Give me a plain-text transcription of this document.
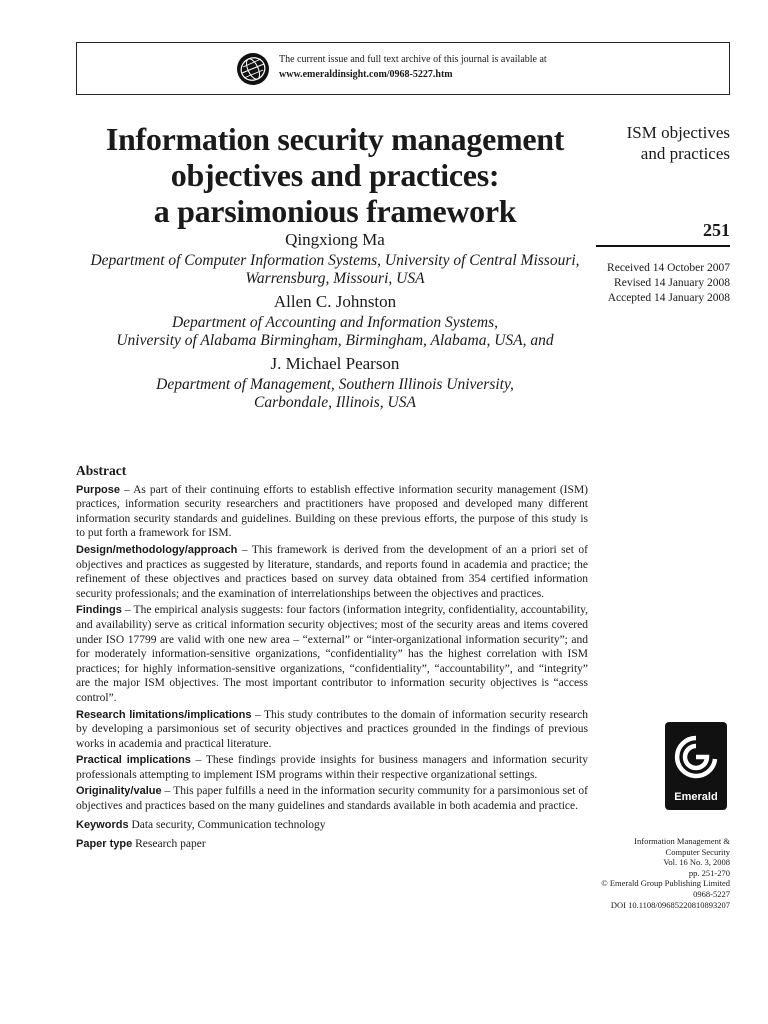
The current issue and full text archive of this journal is available at
www.emeraldinsight.com/0968-5227.htm
Information security management
objectives and practices:
a parsimonious framework
ISM objectives
and practices
251
Received 14 October 2007
Revised 14 January 2008
Accepted 14 January 2008
Qingxiong Ma
Department of Computer Information Systems, University of Central Missouri,
Warrensburg, Missouri, USA
Allen C. Johnston
Department of Accounting and Information Systems,
University of Alabama Birmingham, Birmingham, Alabama, USA, and
J. Michael Pearson
Department of Management, Southern Illinois University,
Carbondale, Illinois, USA
Abstract

Purpose – As part of their continuing efforts to establish effective information security management (ISM) practices, information security researchers and practitioners have proposed and developed many different information security standards and guidelines. Building on these previous efforts, the purpose of this study is to put forth a framework for ISM.

Design/methodology/approach – This framework is derived from the development of an a priori set of objectives and practices as suggested by literature, standards, and reports found in academia and practice; the refinement of these objectives and practices based on survey data obtained from 354 certified information security professionals; and the examination of interrelationships between the objectives and practices.

Findings – The empirical analysis suggests: four factors (information integrity, confidentiality, accountability, and availability) serve as critical information security objectives; most of the security areas and items covered under ISO 17799 are valid with one new area – “external” or “inter-organizational information security”; and for moderately information-sensitive organizations, “confidentiality” has the highest correlation with ISM practices; for highly information-sensitive organizations, “confidentiality”, “accountability”, and “integrity” are the major ISM objectives. The most important contributor to information security objectives is “access control”.

Research limitations/implications – This study contributes to the domain of information security research by developing a parsimonious set of security objectives and practices grounded in the findings of previous works in academia and practical literature.

Practical implications – These findings provide insights for business managers and information security professionals attempting to implement ISM programs within their respective organizational settings.

Originality/value – This paper fulfills a need in the information security community for a parsimonious set of objectives and practices based on the many guidelines and standards available in both academia and practice.

Keywords Data security, Communication technology
Paper type Research paper
Emerald
Information Management &
Computer Security
Vol. 16 No. 3, 2008
pp. 251-270
© Emerald Group Publishing Limited
0968-5227
DOI 10.1108/09685220810893207
